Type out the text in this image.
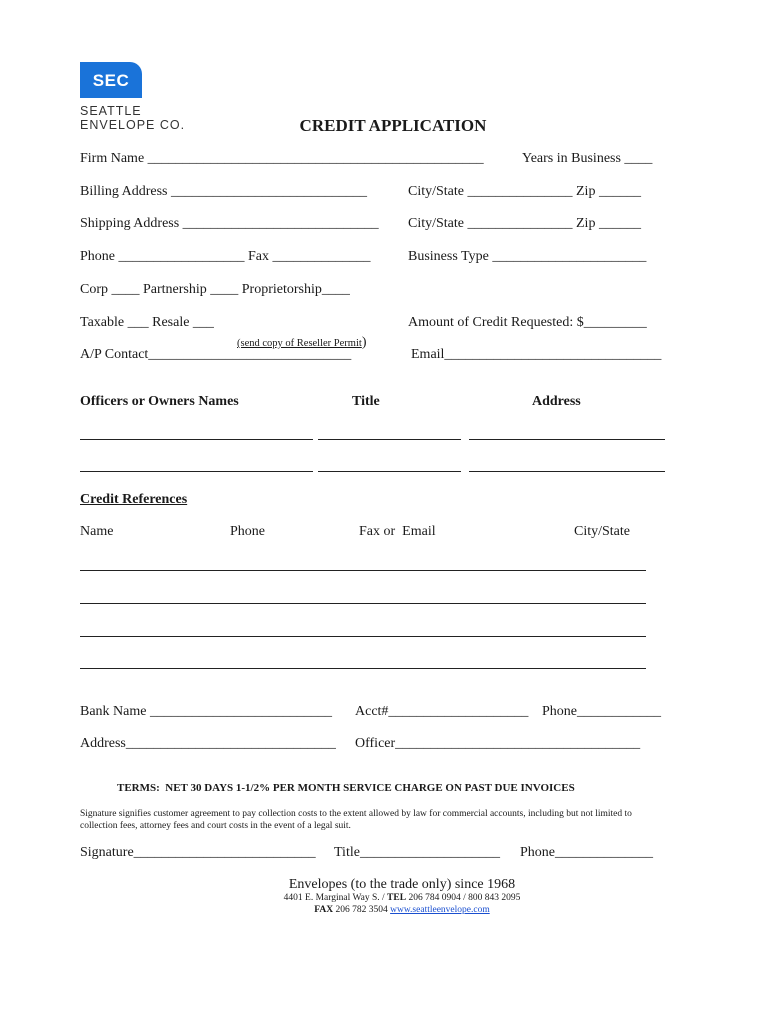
SEC
SEATTLE
ENVELOPE CO.	CREDIT APPLICATION
Firm Name ________________________________________________	Years in Business ____
Billing Address ____________________________	City/State _______________ Zip ______
Shipping Address ____________________________ City/State _______________ Zip ______
Phone __________________ Fax ______________	Business Type ______________________
Corp ____ Partnership ____ Proprietorship____
Taxable ___ Resale ___

(send copy of Reseller Permit)

Amount of Credit Requested: $_________
A/P Contact_____________________________	Email_______________________________
Officers or Owners Names	Title	Address
Credit References
Name	Phone	Fax or  Email	City/State
Bank Name __________________________ Acct#____________________ Phone____________
Address______________________________ Officer___________________________________
TERMS:  NET 30 DAYS 1-1/2% PER MONTH SERVICE CHARGE ON PAST DUE INVOICES
Signature signifies customer agreement to pay collection costs to the extent allowed by law for commercial accounts, including but not limited to
collection fees, attorney fees and court costs in the event of a legal suit.
Signature__________________________ Title____________________ Phone______________
Envelopes (to the trade only) since 1968
4401 E. Marginal Way S. / TEL 206 784 0904 / 800 843 2095
FAX 206 782 3504 www.seattleenvelope.com
